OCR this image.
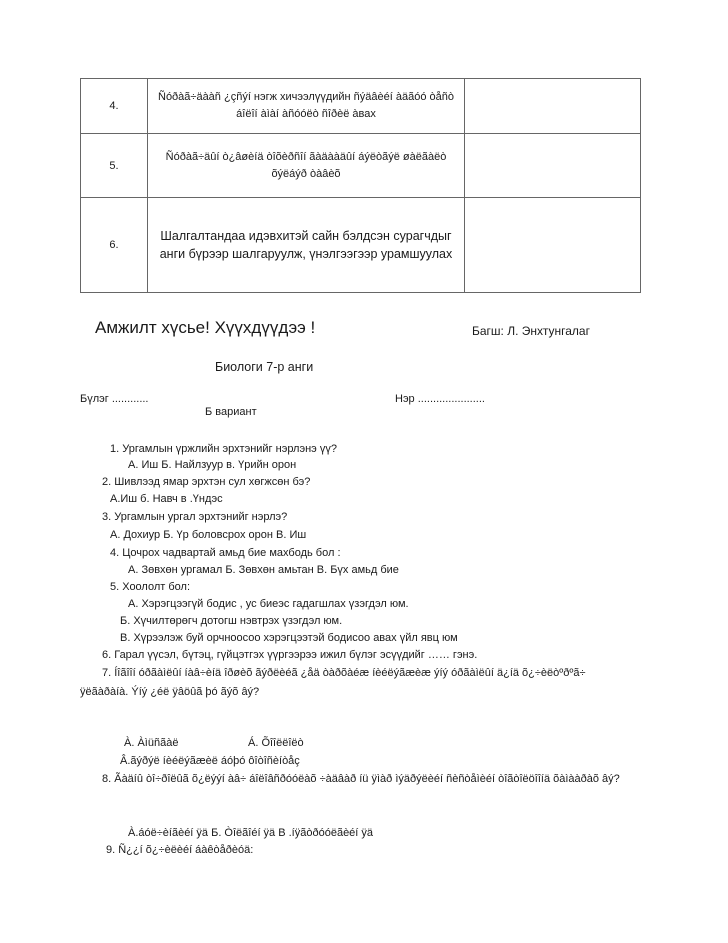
4.	Ñóðàã÷äààñ ¿çñýí нэгж хичээлүүдийн ñýäâèéí àäãóó òåñò áîëîí àìàí àñóóëò ñîðèë àвах	
5.	Ñóðàã÷äûí ò¿âøèíä òîõèðñîí ãàäààäûí áýëòãýë øàëãàëò õýëáýð òàâèõ	
6.	Шалгалтандаа идэвхитэй сайн бэлдсэн сурагчдыг анги бүрээр шалгаруулж, үнэлгээгээр урамшуулах	
Амжилт хүсье! Хүүхдүүдээ !	Багш: Л. Энхтунгалаг
Биологи 7-р анги
Бүлэг ............	Нэр ......................
Б вариант
1. Ургамлын үржлийн эрхтэнийг нэрлэнэ үү?
А. Иш Б. Найлзуур в. Үрийн орон
2. Шивлээд ямар эрхтэн сул хөгжсөн бэ?
А.Иш б. Навч в .Үндэс
3. Ургамлын ургал эрхтэнийг нэрлэ?
А. Дохиур Б. Үр боловсрох орон В. Иш
4. Цочрох чадвартай амьд бие махбодь бол :
А. Зөвхөн ургамал Б. Зөвхөн амьтан В. Бүх амьд бие
5. Хоололт бол:
А. Хэрэгцээгүй бодис , ус биеэс гадагшлах үзэгдэл юм.
Б. Хүчилтөрөгч дотогш нэвтрэх үзэгдэл юм.
В. Хүрээлэж буй орчноосоо хэрэгцээтэй бодисоо авах үйл явц юм
6. Гарал үүсэл, бүтэц, гүйцэтгэх үүргээрээ ижил бүлэг эсүүдийг …… гэнэ.
7. Íîãîîí óðãàìëûí íàâ÷èíä îðøèõ ãýðëèéã ¿åä òàðõàéæ íèéëýãæèæ ýíý óðãàìëûí ä¿íä õ¿÷èëòºðºã÷ ÿëãàðàíà. Ýíý ¿éë ÿâöûã þó ãýõ âý?
À. Àìüñãàë	Á. Õîîëëîëò
Â.ãýðýë íèéëýãæèë áóþó ôîòîñèíòåç
8. Ãàäíû òî÷ðîëûã õ¿ëýýí àâ÷ áîëîâñðóóëàõ ÷àäâàð íü ÿìàð ìýäðýëèéí ñèñòåìèéí òîãòîëöîîíä õàìààðàõ âý?
À.áóë÷èíãèéí ÿä Б. Òîëãîéí ÿä В .íÿãòðóóëãèéí ÿä
9. Ñ¿¿í õ¿÷èëèéí áàêòåðèóä:
